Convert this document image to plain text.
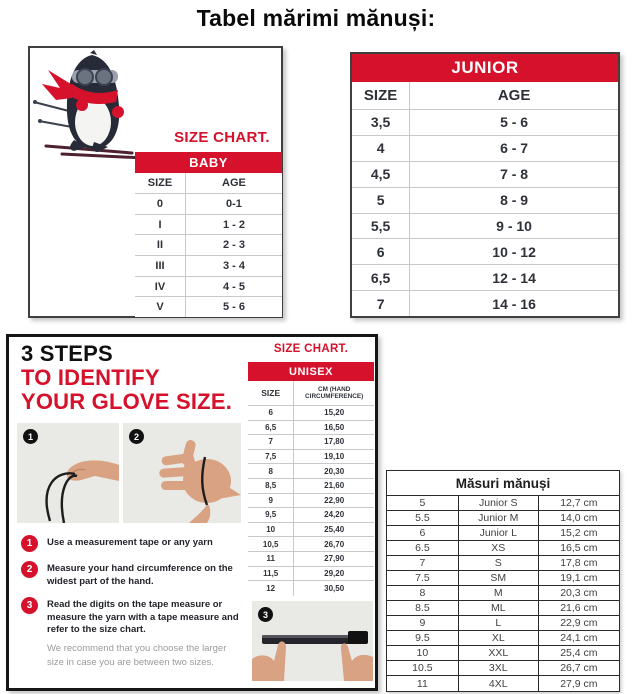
Tabel mărimi mănuși:
SIZE CHART.
BABY
SIZE	AGE
0	0-1
I	1 - 2
II	2 - 3
III	3 - 4
IV	4 - 5
V	5 - 6
JUNIOR
SIZE	AGE
3,5	5 - 6
4	6 - 7
4,5	7 - 8
5	8 - 9
5,5	9 - 10
6	10 - 12
6,5	12 - 14
7	14 - 16
3 STEPS
TO IDENTIFY
YOUR GLOVE SIZE.
1	2
1	Use a measurement tape or any yarn
2	Measure your hand circumference on the widest part of the hand.
3	Read the digits on the tape measure or measure the yarn with a tape measure and refer to the size chart.
We recommend that you choose the larger size in case you are between two sizes.
SIZE CHART.
UNISEX
SIZE	CM (HAND CIRCUMFERENCE)
6	15,20
6,5	16,50
7	17,80
7,5	19,10
8	20,30
8,5	21,60
9	22,90
9,5	24,20
10	25,40
10,5	26,70
11	27,90
11,5	29,20
12	30,50
3
Măsuri mănuși
5	Junior S	12,7 cm
5.5	Junior M	14,0 cm
6	Junior L	15,2 cm
6.5	XS	16,5 cm
7	S	17,8 cm
7.5	SM	19,1 cm
8	M	20,3 cm
8.5	ML	21,6 cm
9	L	22,9 cm
9.5	XL	24,1 cm
10	XXL	25,4 cm
10.5	3XL	26,7 cm
11	4XL	27,9 cm
